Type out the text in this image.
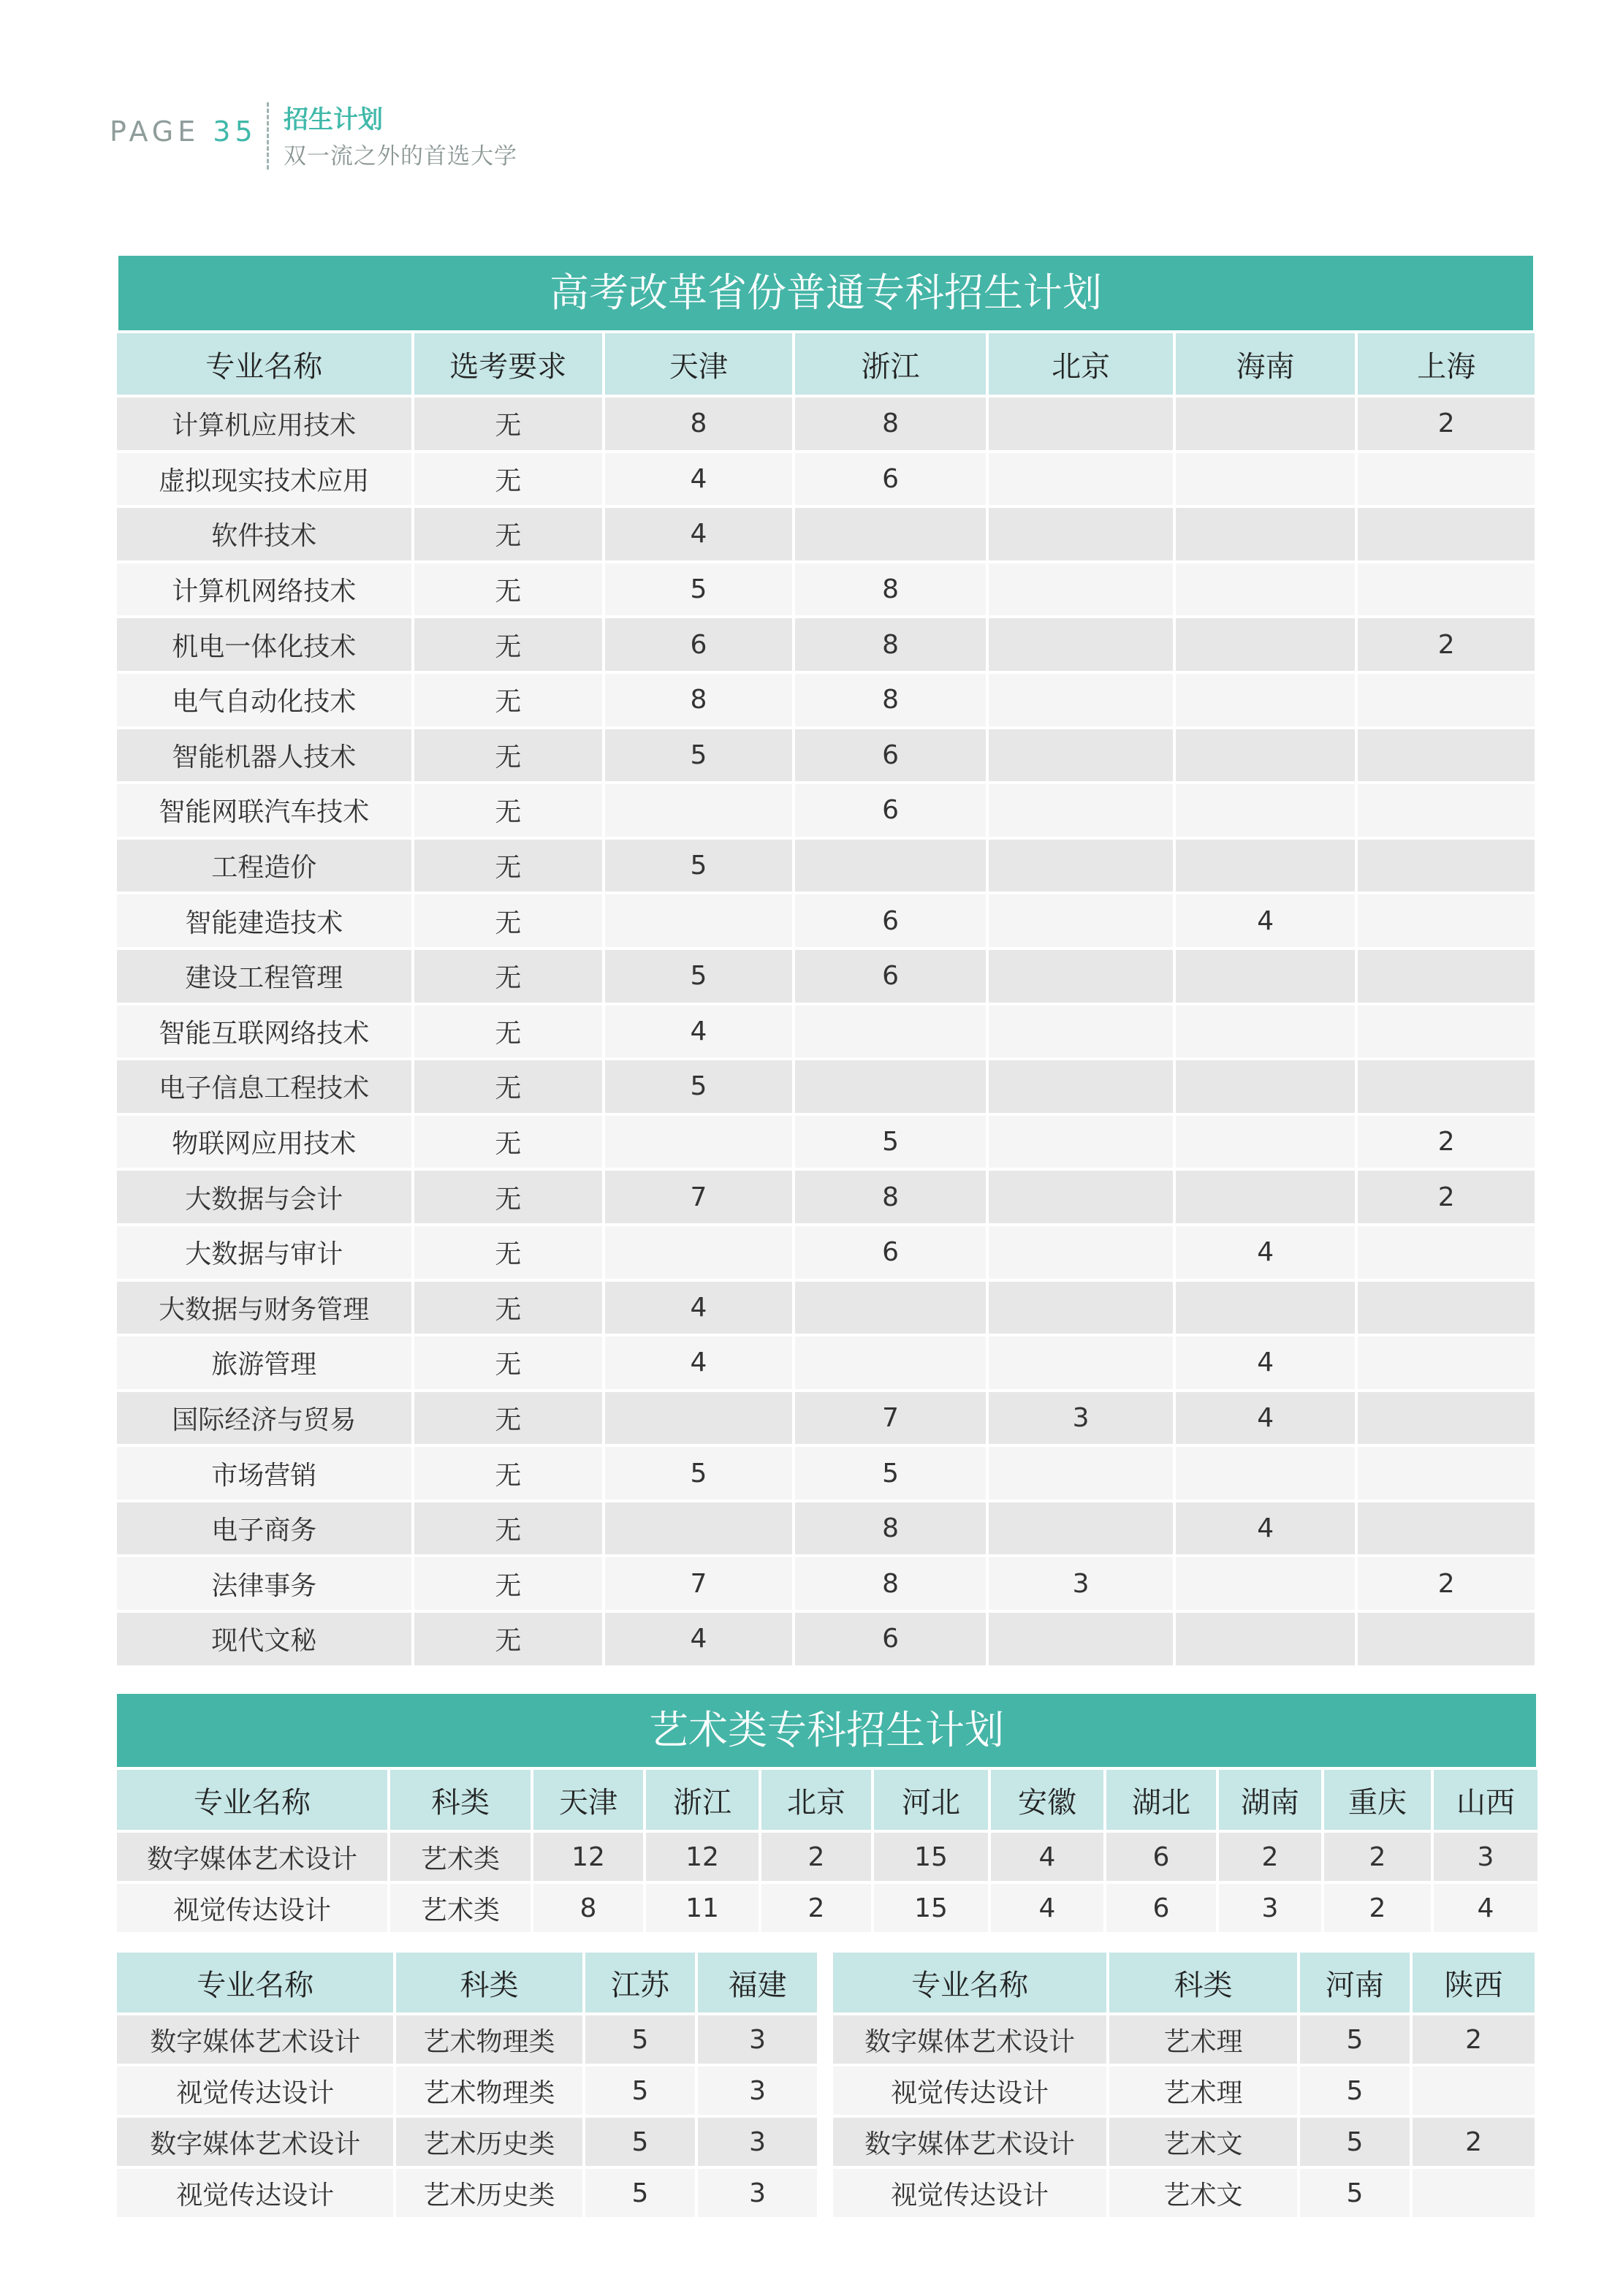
PAGE 35 招生计划
双一流之外的首选大学
高考改革省份普通专科招生计划
专业名称	选考要求	天津	浙江	北京	海南	上海
计算机应用技术	无	8	8			2
虚拟现实技术应用	无	4	6			
软件技术	无	4				
计算机网络技术	无	5	8			
机电一体化技术	无	6	8			2
电气自动化技术	无	8	8			
智能机器人技术	无	5	6			
智能网联汽车技术	无		6			
工程造价	无	5				
智能建造技术	无		6		4	
建设工程管理	无	5	6			
智能互联网络技术	无	4				
电子信息工程技术	无	5				
物联网应用技术	无		5			2
大数据与会计	无	7	8			2
大数据与审计	无		6		4	
大数据与财务管理	无	4				
旅游管理	无	4			4	
国际经济与贸易	无		7	3	4	
市场营销	无	5	5			
电子商务	无		8		4	
法律事务	无	7	8	3		2
现代文秘	无	4	6			
艺术类专科招生计划
专业名称	科类	天津	浙江	北京	河北	安徽	湖北	湖南	重庆	山西
数字媒体艺术设计	艺术类	12	12	2	15	4	6	2	2	3
视觉传达设计	艺术类	8	11	2	15	4	6	3	2	4
专业名称	科类	江苏	福建
数字媒体艺术设计	艺术物理类	5	3
视觉传达设计	艺术物理类	5	3
数字媒体艺术设计	艺术历史类	5	3
视觉传达设计	艺术历史类	5	3
专业名称	科类	河南	陕西
数字媒体艺术设计	艺术理	5	2
视觉传达设计	艺术理	5	
数字媒体艺术设计	艺术文	5	2
视觉传达设计	艺术文	5	
